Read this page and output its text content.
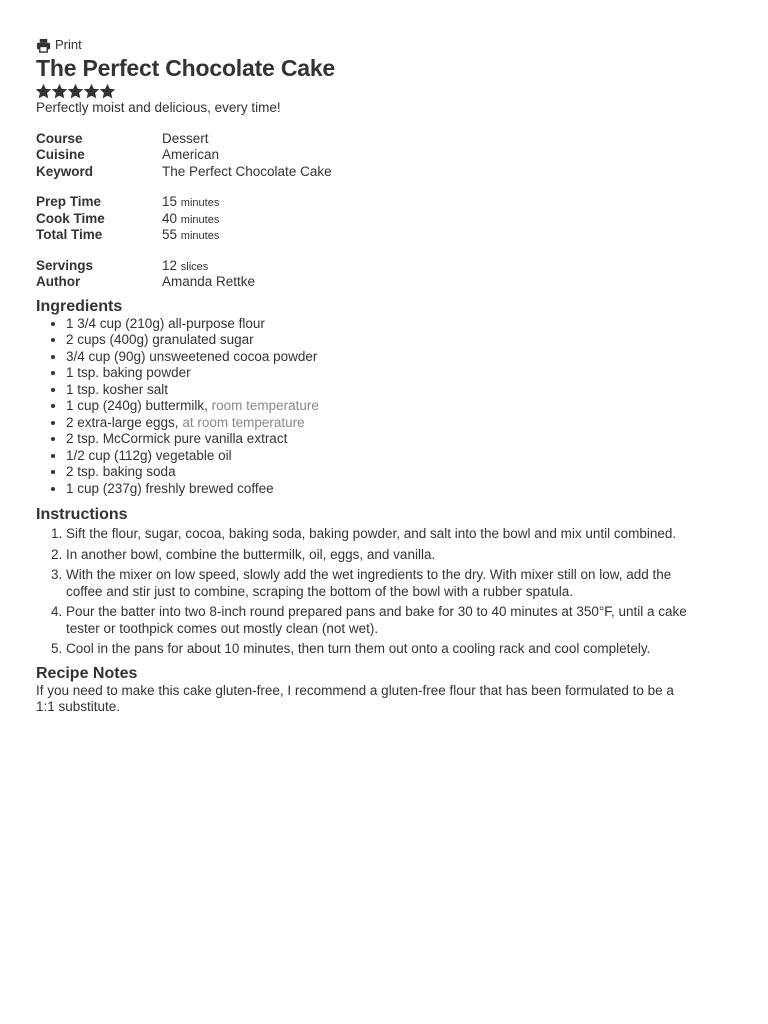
Print
The Perfect Chocolate Cake
Perfectly moist and delicious, every time!
Course	Dessert
Cuisine	American
Keyword	The Perfect Chocolate Cake
Prep Time	15 minutes
Cook Time	40 minutes
Total Time	55 minutes
Servings	12 slices
Author	Amanda Rettke
Ingredients
• 1 3/4 cup (210g) all-purpose flour
• 2 cups (400g) granulated sugar
• 3/4 cup (90g) unsweetened cocoa powder
• 1 tsp. baking powder
• 1 tsp. kosher salt
• 1 cup (240g) buttermilk, room temperature
• 2 extra-large eggs, at room temperature
• 2 tsp. McCormick pure vanilla extract
• 1/2 cup (112g) vegetable oil
• 2 tsp. baking soda
• 1 cup (237g) freshly brewed coffee
Instructions
1. Sift the flour, sugar, cocoa, baking soda, baking powder, and salt into the bowl and mix until combined.
2. In another bowl, combine the buttermilk, oil, eggs, and vanilla.
3. With the mixer on low speed, slowly add the wet ingredients to the dry. With mixer still on low, add the coffee and stir just to combine, scraping the bottom of the bowl with a rubber spatula.
4. Pour the batter into two 8-inch round prepared pans and bake for 30 to 40 minutes at 350°F, until a cake tester or toothpick comes out mostly clean (not wet).
5. Cool in the pans for about 10 minutes, then turn them out onto a cooling rack and cool completely.
Recipe Notes
If you need to make this cake gluten-free, I recommend a gluten-free flour that has been formulated to be a 1:1 substitute.
